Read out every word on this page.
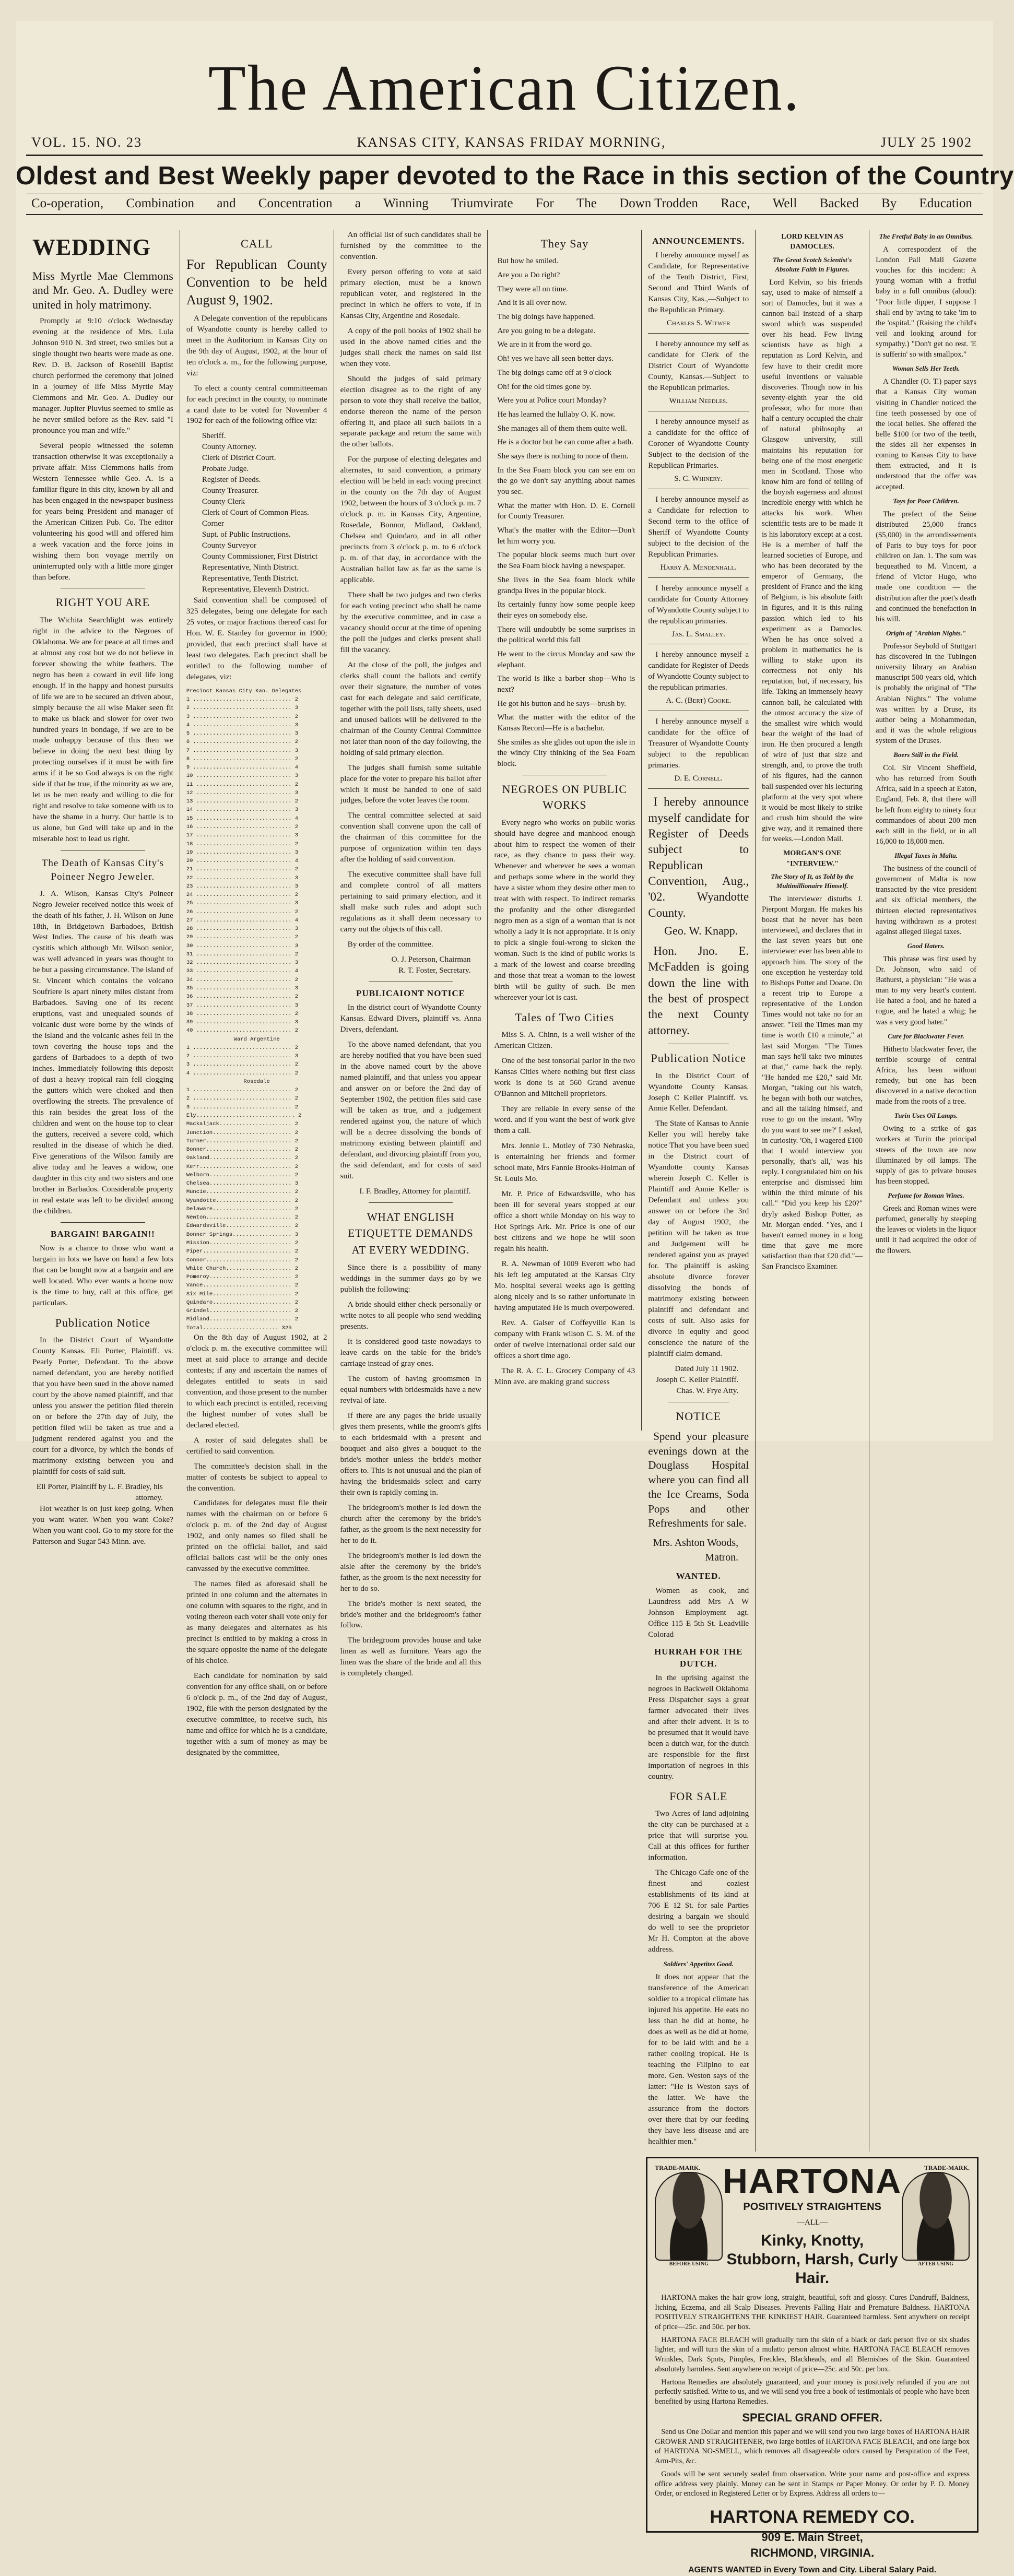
The American Citizen.
VOL. 15. NO. 23	KANSAS CITY, KANSAS FRIDAY MORNING,	JULY 25 1902
Oldest and Best Weekly paper devoted to the Race in this section of the Country
Co-operation, Combination and Concentration a Winning Triumvirate For The Down Trodden Race, Well Backed By Education
WEDDING
Miss Myrtle Mae Clemmons and Mr. Geo. A. Dudley were united in holy matrimony.

Promptly at 9:10 o'clock Wednesday evening at the residence of Mrs. Lula Johnson 910 N. 3rd street, two smiles but a single thought two hearts were made as one. Rev. D. B. Jackson of Rosehill Baptist church performed the ceremony that joined in a journey of life Miss Myrtle May Clemmons and Mr. Geo. A. Dudley our manager. Jupiter Pluvius seemed to smile as he never smiled before as the Rev. said "I pronounce you man and wife."

Several people witnessed the solemn transaction otherwise it was exceptionally a private affair. Miss Clemmons hails from Western Tennessee while Geo. A. is a familiar figure in this city, known by all and has been engaged in the newspaper business for years being President and manager of the American Citizen Pub. Co. The editor volunteering his good will and offered him a week vacation and the force joins in wishing them bon voyage merrily on uninterrupted only with a little more ginger than before.

RIGHT YOU ARE

The Wichita Searchlight was entirely right in the advice to the Negroes of Oklahoma. We are for peace at all times and at almost any cost but we do not believe in forever showing the white feathers. The negro has been a coward in evil life long enough. If in the happy and honest pursuits of life we are to be secured an driven about, simply because the all wise Maker seen fit to make us black and slower for over two hundred years in bondage, if we are to be made unhappy because of this then we believe in doing the next best thing by protecting ourselves if it must be with fire arms if it be so God always is on the right side if that be true, if the minority as we are, let us be men ready and willing to die for right and resolve to take someone with us to have the shame in a hurry. Our battle is to us alone, but God will take up and in the miserable host to lead us right.

The Death of Kansas City's Poineer Negro Jeweler.

J. A. Wilson, Kansas City's Poineer Negro Jeweler received notice this week of the death of his father, J. H. Wilson on June 18th, in Bridgetown Barbadoes, British West Indies. The cause of his death was cystitis which although Mr. Wilson senior, was well advanced in years was thought to be but a passing circumstance. The island of St. Vincent which contains the volcano Soufriere is apart ninety miles distant from Barbadoes. Saving one of its recent eruptions, vast and unequaled sounds of volcanic dust were borne by the winds of the island and the volcanic ashes fell in the town covering the house tops and the gardens of Barbadoes to a depth of two inches. Immediately following this deposit of dust a heavy tropical rain fell clogging the gutters which were choked and then overflowing the streets. The prevalence of this rain besides the great loss of the children and went on the house top to clear the gutters, received a severe cold, which resulted in the disease of which he died. Five generations of the Wilson family are alive today and he leaves a widow, one daughter in this city and two sisters and one brother in Barbados. Considerable property in real estate was left to be divided among the children.

BARGAIN! BARGAIN!!

Now is a chance to those who want a bargain in lots we have on hand a few lots that can be bought now at a bargain and are well located. Who ever wants a home now is the time to buy, call at this office, get particulars.

Publication Notice

In the District Court of Wyandotte County Kansas. Eli Porter, Plaintiff. vs. Pearly Porter, Defendant. To the above named defendant, you are hereby notified that you have been sued in the above named court by the above named plaintiff, and that unless you answer the petition filed therein on or before the 27th day of July, the petition filed will be taken as true and a judgment rendered against you and the court for a divorce, by which the bonds of matrimony existing between you and plaintiff for costs of said suit.

Eli Porter, Plaintiff by L. F. Bradley, his attorney.

Hot weather is on just keep going. When you want water. When you want Coke? When you want cool. Go to my store for the Patterson and Sugar 543 Minn. ave.

CALL
For Republican County Convention to be held August 9, 1902.

A Delegate convention of the republicans of Wyandotte county is hereby called to meet in the Auditorium in Kansas City on the 9th day of August, 1902, at the hour of ten o'clock a. m., for the following purpose, viz:

To elect a county central committeeman for each precinct in the county, to nominate a cand date to be voted for November 4 1902 for each of the following office viz:

Sheriff.
County Attorney.
Clerk of District Court.
Probate Judge.
Register of Deeds.
County Treasurer.
County Clerk
Clerk of Court of Common Pleas.
Corner
Supt. of Public Instructions.
County Surveyor
County Commissioner, First District
Representative, Ninth District.
Representative, Tenth District.
Representative, Eleventh District.

Said convention shall be composed of 325 delegates, being one delegate for each 25 votes, or major fractions thereof cast for Hon. W. E. Stanley for governor in 1900; provided, that each precinct shall have at least two delegates. Each precinct shall be entitled to the following number of delegates, viz:

Precinct Kansas City Kan. Delegates
1 .............................. 2
2 .............................. 3
3 .............................. 2
4 .............................. 3
5 .............................. 3
6 .............................. 2
7 .............................. 3
8 .............................. 2
9 .............................. 4
10 ............................. 3
11 ............................. 2
12 ............................. 3
13 ............................. 2
14 ............................. 3
15 ............................. 4
16 ............................. 2
17 ............................. 3
18 ............................. 2
19 ............................. 3
20 ............................. 4
21 ............................. 2
22 ............................. 3
23 ............................. 3
24 ............................. 2
25 ............................. 3
26 ............................. 2
27 ............................. 4
28 ............................. 3
29 ............................. 2
30 ............................. 3
31 ............................. 2
32 ............................. 3
33 ............................. 4
34 ............................. 2
35 ............................. 3
36 ............................. 2
37 ............................. 3
38 ............................. 2
39 ............................. 3
40 ............................. 2
Ward Argentine
1 .............................. 2
2 .............................. 3
3 .............................. 2
4 .............................. 2
Rosedale
1 .............................. 2
2 .............................. 2
3 .............................. 2
Ely.............................. 2
Mackaljack...................... 2
Junction........................ 2
Turner.......................... 2
Bonner.......................... 2
Oakland......................... 2
Kerr............................ 2
Welborn......................... 2
Chelsea......................... 3
Muncie.......................... 2
Wyandotte....................... 2
Delaware........................ 2
Newton.......................... 2
Edwardsville.................... 2
Bonner Springs.................. 3
Mission......................... 2
Piper........................... 2
Connor.......................... 2
White Church.................... 2
Pomeroy......................... 2
Vance........................... 2
Six Mile........................ 2
Quindaro........................ 2
Grindel......................... 2
Midland......................... 2
Total....................... 325

On the 8th day of August 1902, at 2 o'clock p. m. the executive committee will meet at said place to arrange and decide contests; if any and ascertain the names of delegates entitled to seats in said convention, and those present to the number to which each precinct is entitled, receiving the highest number of votes shall be declared elected.

A roster of said delegates shall be certified to said convention.

The committee's decision shall in the matter of contests be subject to appeal to the convention.

Candidates for delegates must file their names with the chairman on or before 6 o'clock p. m. of the 2nd day of August 1902, and only names so filed shall be printed on the official ballot, and said official ballots cast will be the only ones canvassed by the executive committee.

The names filed as aforesaid shall be printed in one column and the alternates in one column with squares to the right, and in voting thereon each voter shall vote only for as many delegates and alternates as his precinct is entitled to by making a cross in the square opposite the name of the delegate of his choice.

Each candidate for nomination by said convention for any office shall, on or before 6 o'clock p. m., of the 2nd day of August, 1902, file with the person designated by the executive committee, to receive such, his name and office for which he is a candidate, together with a sum of money as may be designated by the committee,

An official list of such candidates shall be furnished by the committee to the convention.

Every person offering to vote at said primary election, must be a known republican voter, and registered in the precinct in which he offers to vote, if in Kansas City, Argentine and Rosedale.

A copy of the poll books of 1902 shall be used in the above named cities and the judges shall check the names on said list when they vote.

Should the judges of said primary election disagree as to the right of any person to vote they shall receive the ballot, endorse thereon the name of the person offering it, and place all such ballots in a separate package and return the same with the other ballots.

For the purpose of electing delegates and alternates, to said convention, a primary election will be held in each voting precinct in the county on the 7th day of August 1902, between the hours of 3 o'clock p. m. 7 o'clock p. m. in Kansas City, Argentine, Rosedale, Bonnor, Midland, Oakland, Chelsea and Quindaro, and in all other precincts from 3 o'clock p. m. to 6 o'clock p. m. of that day, in accordance with the Australian ballot law as far as the same is applicable.

There shall be two judges and two clerks for each voting precinct who shall be name by the executive committee, and in case a vacancy should occur at the time of opening the poll the judges and clerks present shall fill the vacancy.

At the close of the poll, the judges and clerks shall count the ballots and certify over their signature, the number of votes cast for each delegate and said certificate, together with the poll lists, tally sheets, used and unused ballots will be delivered to the chairman of the County Central Committee not later than noon of the day following, the holding of said primary election.

The judges shall furnish some suitable place for the voter to prepare his ballot after which it must be handed to one of said judges, before the voter leaves the room.

The central committee selected at said convention shall convene upon the call of the chairman of this committee for the purpose of organization within ten days after the holding of said convention.

The executive committee shall have full and complete control of all matters pertaining to said primary election, and it shall make such rules and adopt such regulations as it shall deem necessary to carry out the objects of this call.

By order of the committee.

O. J. Peterson, Chairman
R. T. Foster, Secretary.
PUBLICAIONT NOTICE

In the district court of Wyandotte County Kansas. Edward Divers, plaintiff vs. Anna Divers, defendant.

To the above named defendant, that you are hereby notified that you have been sued in the above named court by the above named plaintiff, and that unless you appear and answer on or before the 2nd day of September 1902, the petition files said case will be taken as true, and a judgement rendered against you, the nature of which will be a decree dissolving the bonds of matrimony existing between plaintiff and defendant, and divorcing plaintiff from you, the said defendant, and for costs of said suit.

I. F. Bradley, Attorney for plaintiff.
WHAT ENGLISH ETIQUETTE DEMANDS AT EVERY WEDDING.

Since there is a possibility of many weddings in the summer days go by we publish the following:

A bride should either check personally or write notes to all people who send wedding presents.

It is considered good taste nowadays to leave cards on the table for the bride's carriage instead of gray ones.

The custom of having groomsmen in equal numbers with bridesmaids have a new revival of late.

If there are any pages the bride usually gives them presents, while the groom's gifts to each bridesmaid with a present and bouquet and also gives a bouquet to the bride's mother unless the bride's mother offers to. This is not unusual and the plan of having the bridesmaids select and carry their own is rapidly coming in.

The bridegroom's mother is led down the church after the ceremony by the bride's father, as the groom is the next necessity for her to do it.

The bridegroom's mother is led down the aisle after the ceremony by the bride's father, as the groom is the next necessity for her to do so.

The bride's mother is next seated, the bride's mother and the bridegroom's father follow.

The bridegroom provides house and take linen as well as furniture. Years ago the linen was the share of the bride and all this is completely changed.

They Say
But how he smiled.
Are you a Do right?
They were all on time.
And it is all over now.
The big doings have happened.
Are you going to be a delegate.
We are in it from the word go.
Oh! yes we have all seen better days.
The big doings came off at 9 o'clock
Oh! for the old times gone by.
Were you at Police court Monday?
He has learned the lullaby O. K. now.
She manages all of them them quite well.
He is a doctor but he can come after a bath.
She says there is nothing to none of them.
In the Sea Foam block you can see em on the go we don't say anything about names you sec.
What the matter with Hon. D. E. Cornell for County Treasurer.
What's the matter with the Editor—Don't let him worry you.
The popular block seems much hurt over the Sea Foam block having a newspaper.
She lives in the Sea foam block while grandpa lives in the popular block.
Its certainly funny how some people keep their eyes on somebody else.
There will undoubtly be some surprises in the political world this fall
He went to the circus Monday and saw the elephant.
The world is like a barber shop—Who is next?
He got his button and he says—brush by.
What the matter with the editor of the Kansas Record—He is a bachelor.
She smiles as she glides out upon the isle in the windy City thinking of the Sea Foam block.
NEGROES ON PUBLIC WORKS

Every negro who works on public works should have degree and manhood enough about him to respect the women of their race, as they chance to pass their way. Whenever and wherever he sees a woman and perhaps some where in the world they have a sister whom they desire other men to treat with with respect. To indirect remarks the profanity and the other disregarded negro men as a sign of a woman that is not wholly a lady it is not appropriate. It is only to pick a single foul-wrong to sicken the woman. Such is the kind of public works is a mark of the lowest and coarse breeding and those that treat a woman to the lowest birth will be guilty of such. Be men whereever your lot is cast.

Tales of Two Cities

Miss S. A. Chinn, is a well wisher of the American Citizen.

One of the best tonsorial parlor in the two Kansas Cities where nothing but first class work is done is at 560 Grand avenue O'Bannon and Mitchell proprietors.

They are reliable in every sense of the word. and if you want the best of work give them a call.

Mrs. Jennie L. Motley of 730 Nebraska, is entertaining her friends and former school mate, Mrs Fannie Brooks-Holman of St. Louis Mo.

Mr. P. Price of Edwardsville, who has been ill for several years stopped at our office a short while Monday on his way to Hot Springs Ark. Mr. Price is one of our best citizens and we hope he will soon regain his health.

R. A. Newman of 1009 Everett who had his left leg amputated at the Kansas City Mo. hospital several weeks ago is getting along nicely and is so rather unfortunate in having amputated He is much overpowered.

Rev. A. Galser of Coffeyville Kan is company with Frank wilson C. S. M. of the order of twelve International order said our offices a short time ago.

The R. A. C. L. Grocery Company of 43 Minn ave. are making grand success

ANNOUNCEMENTS.
I hereby announce myself as Candidate, for Representative of the Tenth District, First, Second and Third Wards of Kansas City, Kas.,—Subject to the Republican Primary.
Charles S. Witwer
I hereby announce my self as candidate for Clerk of the District Court of Wyandotte County, Kansas.—Subject to the Republican primaries.
William Needles.
I hereby announce myself as a candidate for the office of Coroner of Wyandotte County Subject to the decision of the Republican Primaries.
S. C. Whinery.
I hereby announce myself as a Candidate for relection to Second term to the office of Sheriff of Wyandotte County subject to the decision of the Republican Primaries.
Harry A. Mendenhall.
I hereby announce myself a candidate for County Attorney of Wyandotte County subject to the republican primaries.
Jas. L. Smalley.
I hereby announce myself a candidate for Register of Deeds of Wyandotte County subject to the republican primaries.
A. C. (Bert) Cooke.
I hereby announce myself a candidate for the office of Treasurer of Wyandotte County subject to the republican primaries.
D. E. Cornell.
I hereby announce myself candidate for Register of Deeds subject to Republican Convention, Aug., '02. Wyandotte County.
Geo. W. Knapp.
Hon. Jno. E. McFadden is going down the line with the best of prospect the next County attorney.
Publication Notice

In the District Court of Wyandotte County Kansas. Joseph C Keller Plaintiff. vs. Annie Keller. Defendant.

The State of Kansas to Annie Keller you will hereby take notice That you have been sued in the District court of Wyandotte county Kansas wherein Joseph C. Keller is Plaintiff and Annie Keller is Defendant and unless you answer on or before the 3rd day of August 1902, the petition will be taken as true and Judgement will be rendered against you as prayed for. The plaintiff is asking absolute divorce forever dissolving the bonds of matrimony existing between plaintiff and defendant and costs of suit. Also asks for divorce in equity and good conscience the nature of the plaintiff claim demand.

Dated July 11 1902.
Joseph C. Keller Plaintiff. Chas. W. Frye Atty.
NOTICE
Spend your pleasure evenings down at the Douglass Hospital where you can find all the Ice Creams, Soda Pops and other Refreshments for sale.
Mrs. Ashton Woods, Matron.
WANTED.

Women as cook, and Laundress add Mrs A W Johnson Employment agt. Office 115 E 5th St. Leadville Colorad

HURRAH FOR THE DUTCH.

In the uprising against the negroes in Backwell Oklahoma Press Dispatcher says a great farmer advocated their lives and after their advent. It is to be presumed that it would have been a dutch war, for the dutch are responsible for the first importation of negroes in this country.

FOR SALE

Two Acres of land adjoining the city can be purchased at a price that will surprise you. Call at this offices for further information.

The Chicago Cafe one of the finest and coziest establishments of its kind at 706 E 12 St. for sale Parties desiring a bargain we should do well to see the proprietor Mr H. Compton at the above address.

Soldiers' Appetites Good.

It does not appear that the transference of the American soldier to a tropical climate has injured his appetite. He eats no less than he did at home, he does as well as he did at home, for to be laid with and be a rather cooling tropical. He is teaching the Filipino to eat more. Gen. Weston says of the latter: "He is Weston says of the latter. We have the assurance from the doctors over there that by our feeding they have less disease and are healthier men."

LORD KELVIN AS DAMOCLES.
The Great Scotch Scientist's Absolute Faith in Figures.

Lord Kelvin, so his friends say, used to make of himself a sort of Damocles, but it was a cannon ball instead of a sharp sword which was suspended over his head. Few living scientists have as high a reputation as Lord Kelvin, and few have to their credit more useful inventions or valuable discoveries. Though now in his seventy-eighth year the old professor, who for more than half a century occupied the chair of natural philosophy at Glasgow university, still maintains his reputation for being one of the most energetic men in Scotland. Those who know him are fond of telling of the boyish eagerness and almost incredible energy with which he attacks his work. When scientific tests are to be made it is his laboratory except at a cost. He is a member of half the learned societies of Europe, and who has been decorated by the emperor of Germany, the president of France and the king of Belgium, is his absolute faith in figures, and it is this ruling passion which led to his experiment as a Damocles. When he has once solved a problem in mathematics he is willing to stake upon its correctness not only his reputation, but, if necessary, his life. Taking an immensely heavy cannon ball, he calculated with the utmost accuracy the size of the smallest wire which would bear the weight of the load of iron. He then procured a length of wire of just that size and strength, and, to prove the truth of his figures, had the cannon ball suspended over his lecturing platform at the very spot where it would be most likely to strike and crush him should the wire give way, and it remained there for weeks.—London Mail.

MORGAN'S ONE "INTERVIEW."
The Story of It, as Told by the Multimillionaire Himself.

The interviewer disturbs J. Pierpont Morgan. He makes his boast that he never has been interviewed, and declares that in the last seven years but one interviewer ever has been able to approach him. The story of the one exception he yesterday told to Bishops Potter and Doane. On a recent trip to Europe a representative of the London Times would not take no for an answer. "Tell the Times man my time is worth £10 a minute," at last said Morgan. "The Times man says he'll take two minutes at that," came back the reply. "He handed me £20," said Mr. Morgan, "taking out his watch, he began with both our watches, and all the talking himself, and rose to go on the instant. 'Why do you want to see me?' I asked, in curiosity. 'Oh, I wagered £100 that I would interview you personally, that's all,' was his reply. I congratulated him on his enterprise and dismissed him within the third minute of his call." "Did you keep his £20?" dryly asked Bishop Potter, as Mr. Morgan ended. "Yes, and I haven't earned money in a long time that gave me more satisfaction than that £20 did."—San Francisco Examiner.

The Fretful Baby in an Omnibus.

A correspondent of the London Pall Mall Gazette vouches for this incident: A young woman with a fretful baby in a full omnibus (aloud): "Poor little dipper, I suppose I shall end by 'aving to take 'im to the 'ospital." (Raising the child's veil and looking around for sympathy.) "Don't get no rest. 'E is sufferin' so with smallpox."

Woman Sells Her Teeth.

A Chandler (O. T.) paper says that a Kansas City woman visiting in Chandler noticed the fine teeth possessed by one of the local belles. She offered the belle $100 for two of the teeth, the sides all her expenses in coming to Kansas City to have them extracted, and it is understood that the offer was accepted.

Toys for Poor Children.

The prefect of the Seine distributed 25,000 francs ($5,000) in the arrondissements of Paris to buy toys for poor children on Jan. 1. The sum was bequeathed to M. Vincent, a friend of Victor Hugo, who made one condition — the distribution after the poet's death and continued the benefaction in his will.

Origin of "Arabian Nights."

Professor Seybold of Stuttgart has discovered in the Tubingen university library an Arabian manuscript 500 years old, which is probably the original of "The Arabian Nights." The volume was written by a Druse, its author being a Mohammedan, and it was the whole religious system of the Druses.

Boers Still in the Field.

Col. Sir Vincent Sheffield, who has returned from South Africa, said in a speech at Eaton, England, Feb. 8, that there will be left from eighty to ninety four commandoes of about 200 men each still in the field, or in all 16,000 to 18,000 men.

Illegal Taxes in Malta.

The business of the council of government of Malta is now transacted by the vice president and six official members, the thirteen elected representatives having withdrawn as a protest against alleged illegal taxes.

Good Haters.

This phrase was first used by Dr. Johnson, who said of Bathurst, a physician: "He was a man to my very heart's content. He hated a fool, and he hated a rogue, and he hated a whig; he was a very good hater."

Cure for Blackwater Fever.

Hitherto blackwater fever, the terrible scourge of central Africa, has been without remedy, but one has been discovered in a native decoction made from the roots of a tree.

Turin Uses Oil Lamps.

Owing to a strike of gas workers at Turin the principal streets of the town are now illuminated by oil lamps. The supply of gas to private houses has been stopped.

Perfume for Roman Wines.

Greek and Roman wines were perfumed, generally by steeping the leaves or violets in the liquor until it had acquired the odor of the flowers.

TRADE-MARK.
HARTONA
BEFORE USING
HARTONA
POSITIVELY STRAIGHTENS
—ALL—
Kinky, Knotty, Stubborn, Harsh, Curly Hair.
TRADE-MARK.
HARTONA
AFTER USING

HARTONA makes the hair grow long, straight, beautiful, soft and glossy. Cures Dandruff, Baldness, Itching, Eczema, and all Scalp Diseases. Prevents Falling Hair and Premature Baldness. HARTONA POSITIVELY STRAIGHTENS THE KINKIEST HAIR. Guaranteed harmless. Sent anywhere on receipt of price—25c. and 50c. per box.

HARTONA FACE BLEACH will gradually turn the skin of a black or dark person five or six shades lighter, and will turn the skin of a mulatto person almost white. HARTONA FACE BLEACH removes Wrinkles, Dark Spots, Pimples, Freckles, Blackheads, and all Blemishes of the Skin. Guaranteed absolutely harmless. Sent anywhere on receipt of price—25c. and 50c. per box.

Hartona Remedies are absolutely guaranteed, and your money is positively refunded if you are not perfectly satisfied. Write to us, and we will send you free a book of testimonials of people who have been benefited by using Hartona Remedies.

SPECIAL GRAND OFFER.

Send us One Dollar and mention this paper and we will send you two large boxes of HARTONA HAIR GROWER AND STRAIGHTENER, two large bottles of HARTONA FACE BLEACH, and one large box of HARTONA NO-SMELL, which removes all disagreeable odors caused by Perspiration of the Feet, Arm-Pits, &c.

Goods will be sent securely sealed from observation. Write your name and post-office and express office address very plainly. Money can be sent in Stamps or Paper Money. Or order by P. O. Money Order, or enclosed in Registered Letter or by Express. Address all orders to—

HARTONA REMEDY CO.
909 E. Main Street,
RICHMOND, VIRGINIA.
AGENTS WANTED in Every Town and City. Liberal Salary Paid.
